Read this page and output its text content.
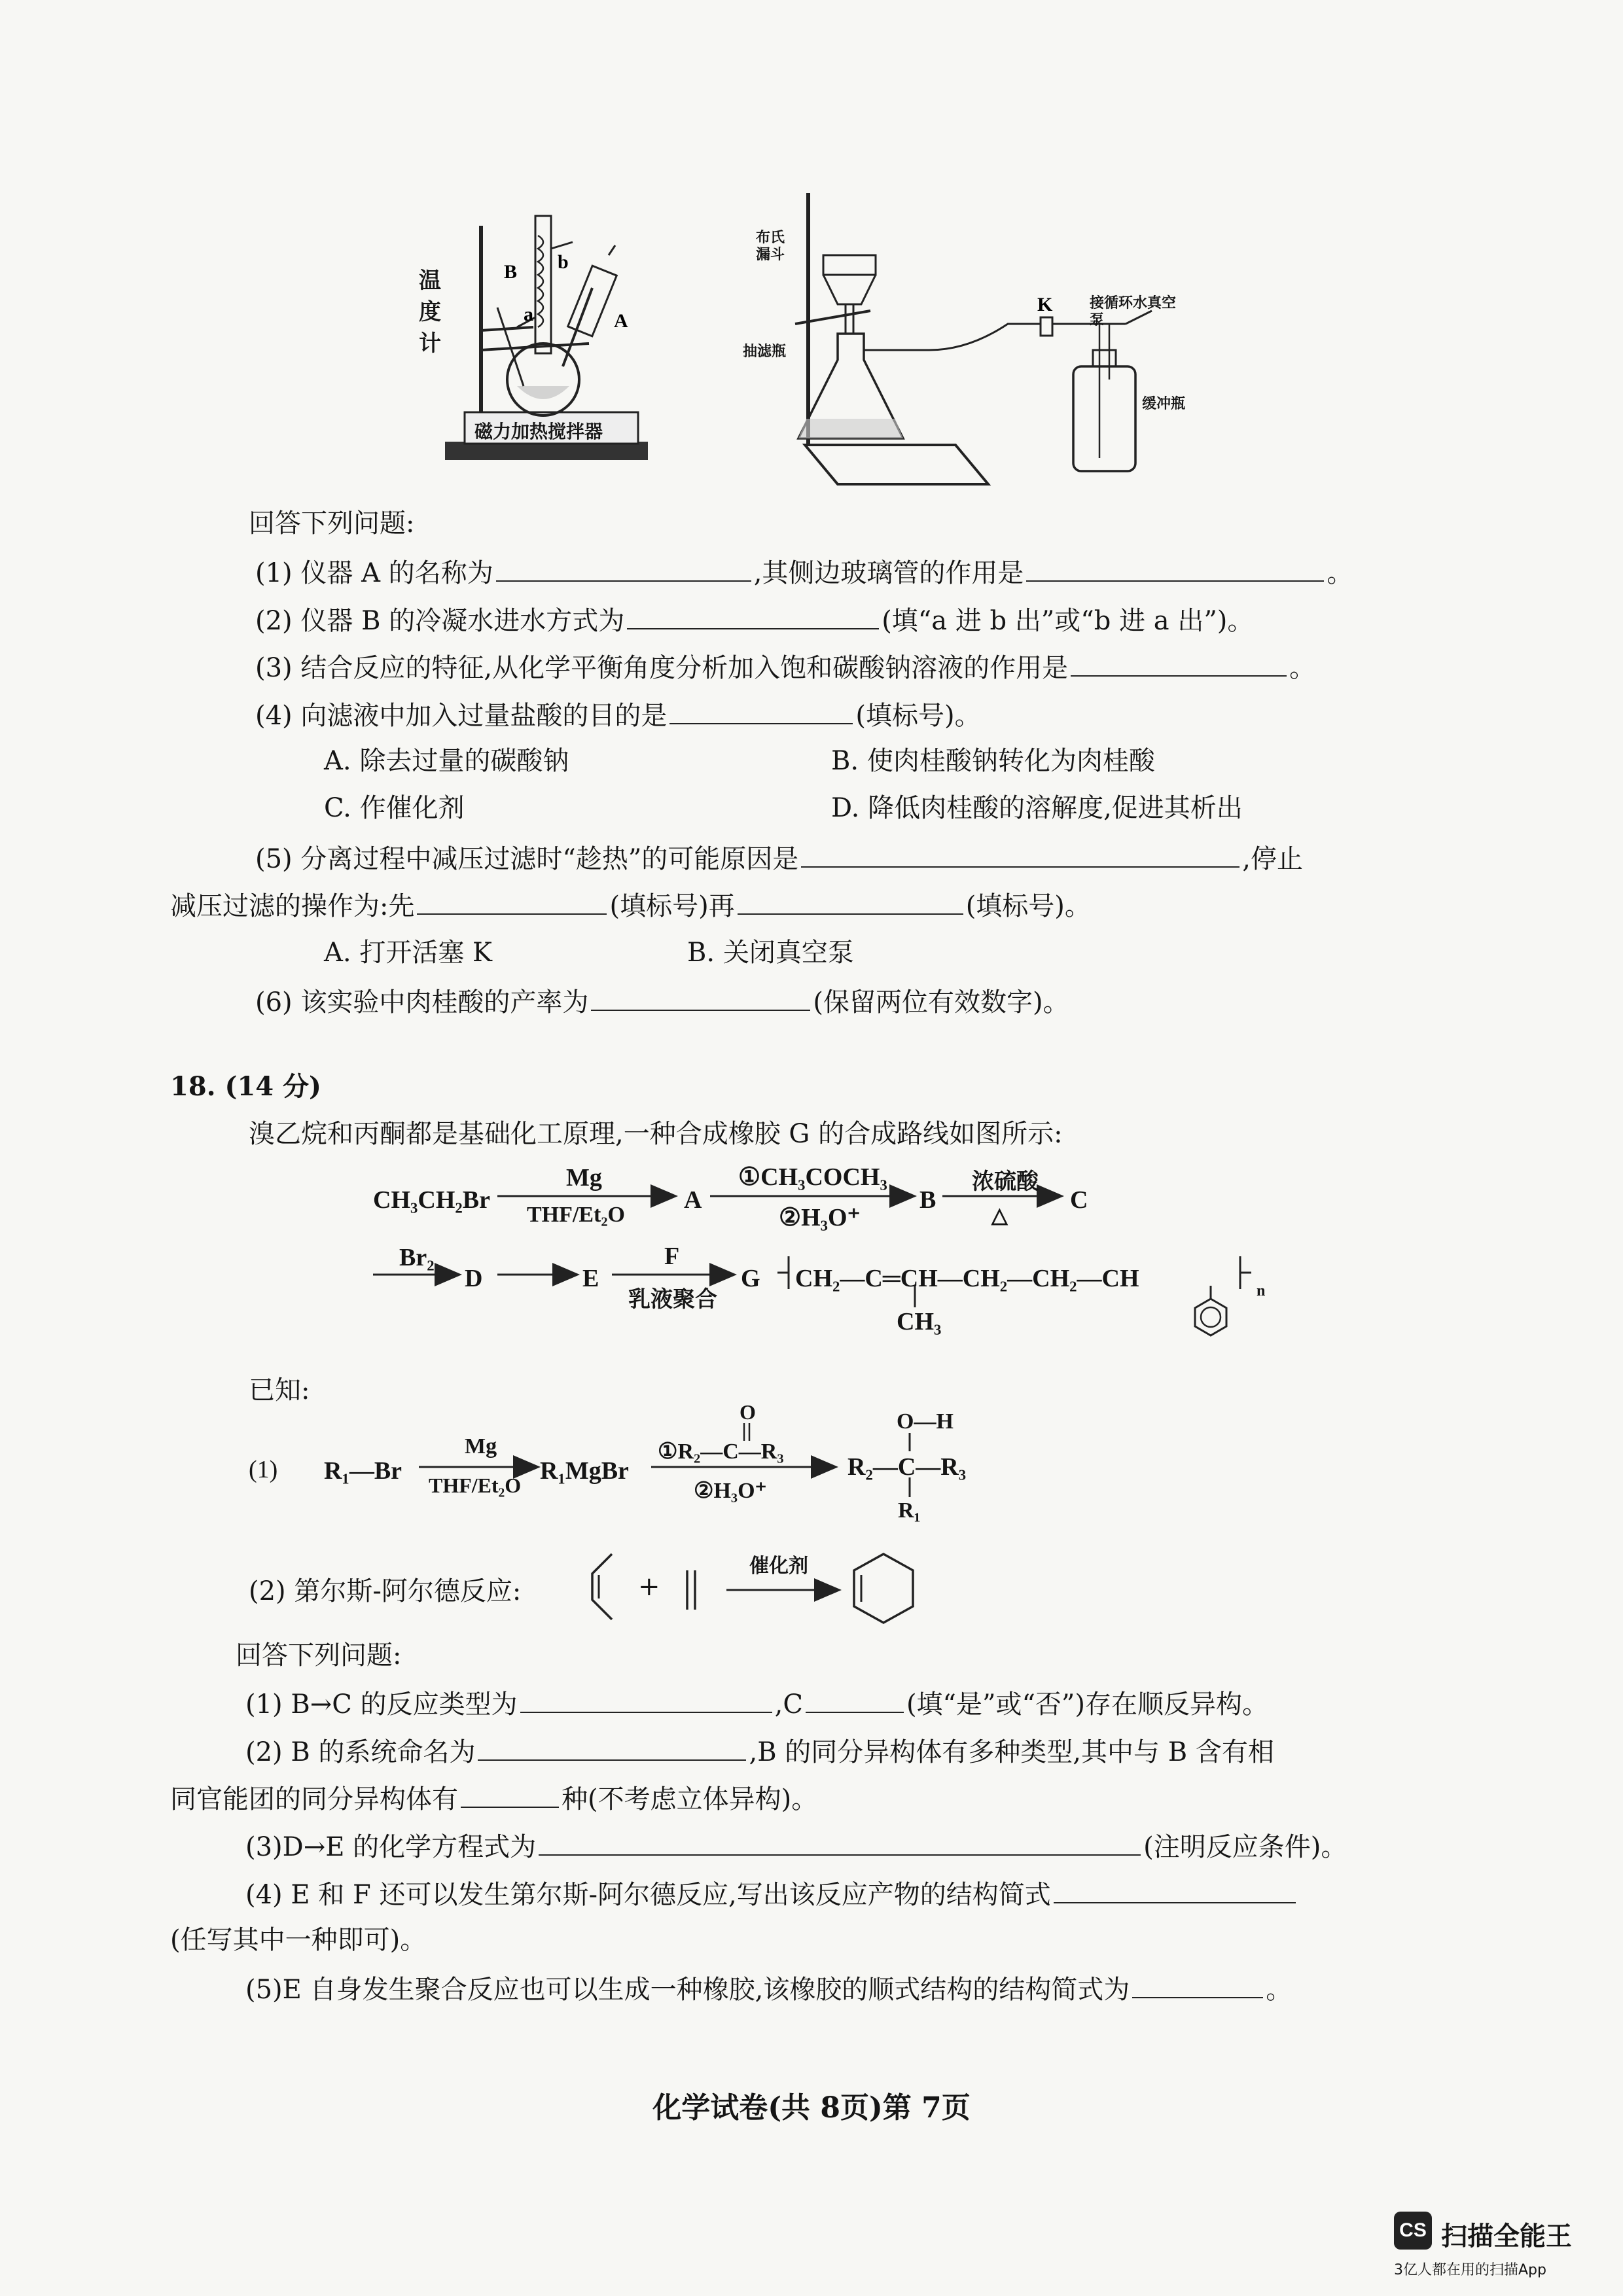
B b
a	A
温度计
磁力加热搅拌器
K
布氏漏斗
抽滤瓶
接循环水真空泵
缓冲瓶
回答下列问题:
(1) 仪器 A 的名称为	,其侧边玻璃管的作用是	。
(2) 仪器 B 的冷凝水进水方式为	(填“a 进 b 出”或“b 进 a 出”)。
(3) 结合反应的特征,从化学平衡角度分析加入饱和碳酸钠溶液的作用是	。
(4) 向滤液中加入过量盐酸的目的是	(填标号)。
A. 除去过量的碳酸钠	B. 使肉桂酸钠转化为肉桂酸
C. 作催化剂	D. 降低肉桂酸的溶解度,促进其析出
(5) 分离过程中减压过滤时“趁热”的可能原因是	,停止
减压过滤的操作为:先	(填标号)再	(填标号)。
A. 打开活塞 K	B. 关闭真空泵
(6) 该实验中肉桂酸的产率为	(保留两位有效数字)。
18. (14 分)
溴乙烷和丙酮都是基础化工原理,一种合成橡胶 G 的合成路线如图所示:
CH₃CH₂Br
Mg
THF/Et₂O
A
①CH₃COCH₃
②H₃O⁺
B
浓硫酸
△
C
Br₂
D	E
F
乳液聚合
G CH₂—C═CH—CH₂—CH₂—CH
CH₃
n
已知:
(1) R₁—Br
Mg
THF/Et₂O
R₁MgBr
O
①R₂—C—R₃
②H₃O⁺
O—H
R₂—C—R₃
R₁
(2) 第尔斯-阿尔德反应:	+
催化剂
回答下列问题:
(1) B→C 的反应类型为	,C	(填“是”或“否”)存在顺反异构。
(2) B 的系统命名为	,B 的同分异构体有多种类型,其中与 B 含有相
同官能团的同分异构体有	种(不考虑立体异构)。
(3)D→E 的化学方程式为	(注明反应条件)。
(4) E 和 F 还可以发生第尔斯-阿尔德反应,写出该反应产物的结构简式
(任写其中一种即可)。
(5)E 自身发生聚合反应也可以生成一种橡胶,该橡胶的顺式结构的结构简式为	。
化学试卷(共 8页)第 7页
CS 扫描全能王
3亿人都在用的扫描App
